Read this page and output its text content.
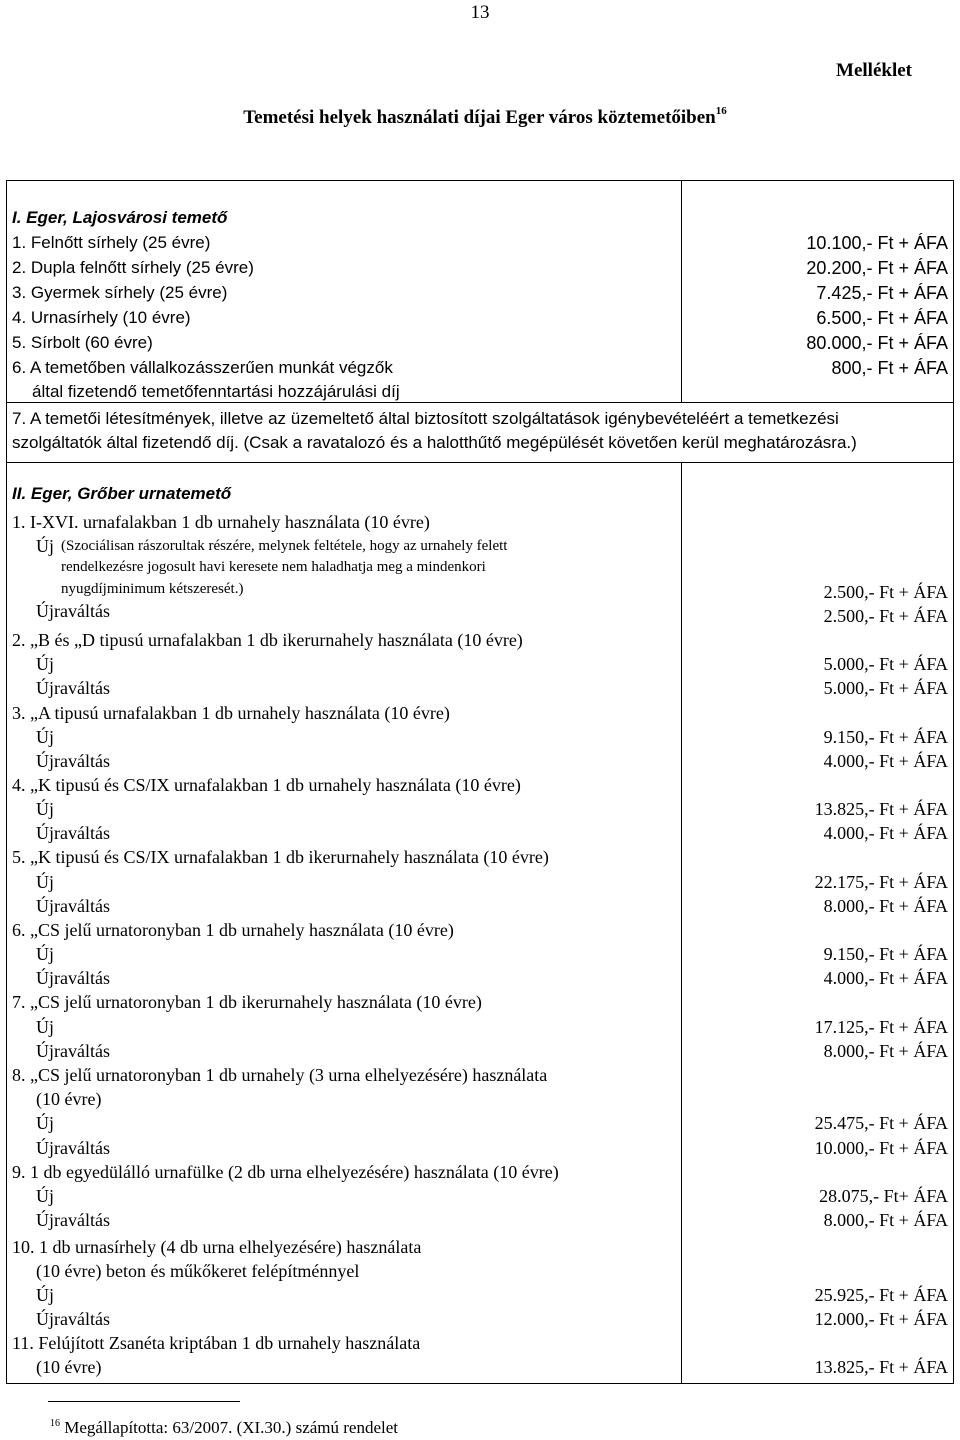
13
Melléklet
Temetési helyek használati díjai Eger város köztemetőiben$^{16}$
I. Eger, Lajosvárosi temető
1. Felnőtt sírhely (25 évre)	10.100,- Ft + ÁFA
2. Dupla felnőtt sírhely (25 évre)	20.200,- Ft + ÁFA
3. Gyermek sírhely (25 évre)	7.425,- Ft + ÁFA
4. Urnasírhely (10 évre)	6.500,- Ft + ÁFA
5. Sírbolt (60 évre)	80.000,- Ft + ÁFA
6. A temetőben vállalkozásszerűen munkát végzők	800,- Ft + ÁFA
által fizetendő temetőfenntartási hozzájárulási díj
7. A temetői létesítmények, illetve az üzemeltető által biztosított szolgáltatások igénybevételéért a temetkezési
szolgáltatók által fizetendő díj. (Csak a ravatalozó és a halotthűtő megépülését követően kerül meghatározásra.)
II. Eger, Grőber urnatemető
1. I-XVI. urnafalakban 1 db urnahely használata (10 évre)
Új (Szociálisan rászorultak részére, melynek feltétele, hogy az urnahely felett
rendelkezésre jogosult havi keresete nem haladhatja meg a mindenkori
nyugdíjminimum kétszeresét.)	2.500,- Ft + ÁFA
Újraváltás	2.500,- Ft + ÁFA
2. „B és „D tipusú urnafalakban 1 db ikerurnahely használata (10 évre)
Új	5.000,- Ft + ÁFA
Újraváltás	5.000,- Ft + ÁFA
3. „A tipusú urnafalakban 1 db urnahely használata (10 évre)
Új	9.150,- Ft + ÁFA
Újraváltás	4.000,- Ft + ÁFA
4. „K tipusú és CS/IX urnafalakban 1 db urnahely használata (10 évre)
Új	13.825,- Ft + ÁFA
Újraváltás	4.000,- Ft + ÁFA
5. „K tipusú és CS/IX urnafalakban 1 db ikerurnahely használata (10 évre)
Új	22.175,- Ft + ÁFA
Újraváltás	8.000,- Ft + ÁFA
6. „CS jelű urnatoronyban 1 db urnahely használata (10 évre)
Új	9.150,- Ft + ÁFA
Újraváltás	4.000,- Ft + ÁFA
7. „CS jelű urnatoronyban 1 db ikerurnahely használata (10 évre)
Új	17.125,- Ft + ÁFA
Újraváltás	8.000,- Ft + ÁFA
8. „CS jelű urnatoronyban 1 db urnahely (3 urna elhelyezésére) használata
(10 évre)
Új	25.475,- Ft + ÁFA
Újraváltás	10.000,- Ft + ÁFA
9. 1 db egyedülálló urnafülke (2 db urna elhelyezésére) használata (10 évre)
Új	28.075,- Ft+ ÁFA
Újraváltás	8.000,- Ft + ÁFA
10. 1 db urnasírhely (4 db urna elhelyezésére) használata
(10 évre) beton és műkőkeret felépítménnyel
Új	25.925,- Ft + ÁFA
Újraváltás	12.000,- Ft + ÁFA
11. Felújított Zsanéta kriptában 1 db urnahely használata
(10 évre)	13.825,- Ft + ÁFA
$^{16}$ Megállapította: 63/2007. (XI.30.) számú rendelet
